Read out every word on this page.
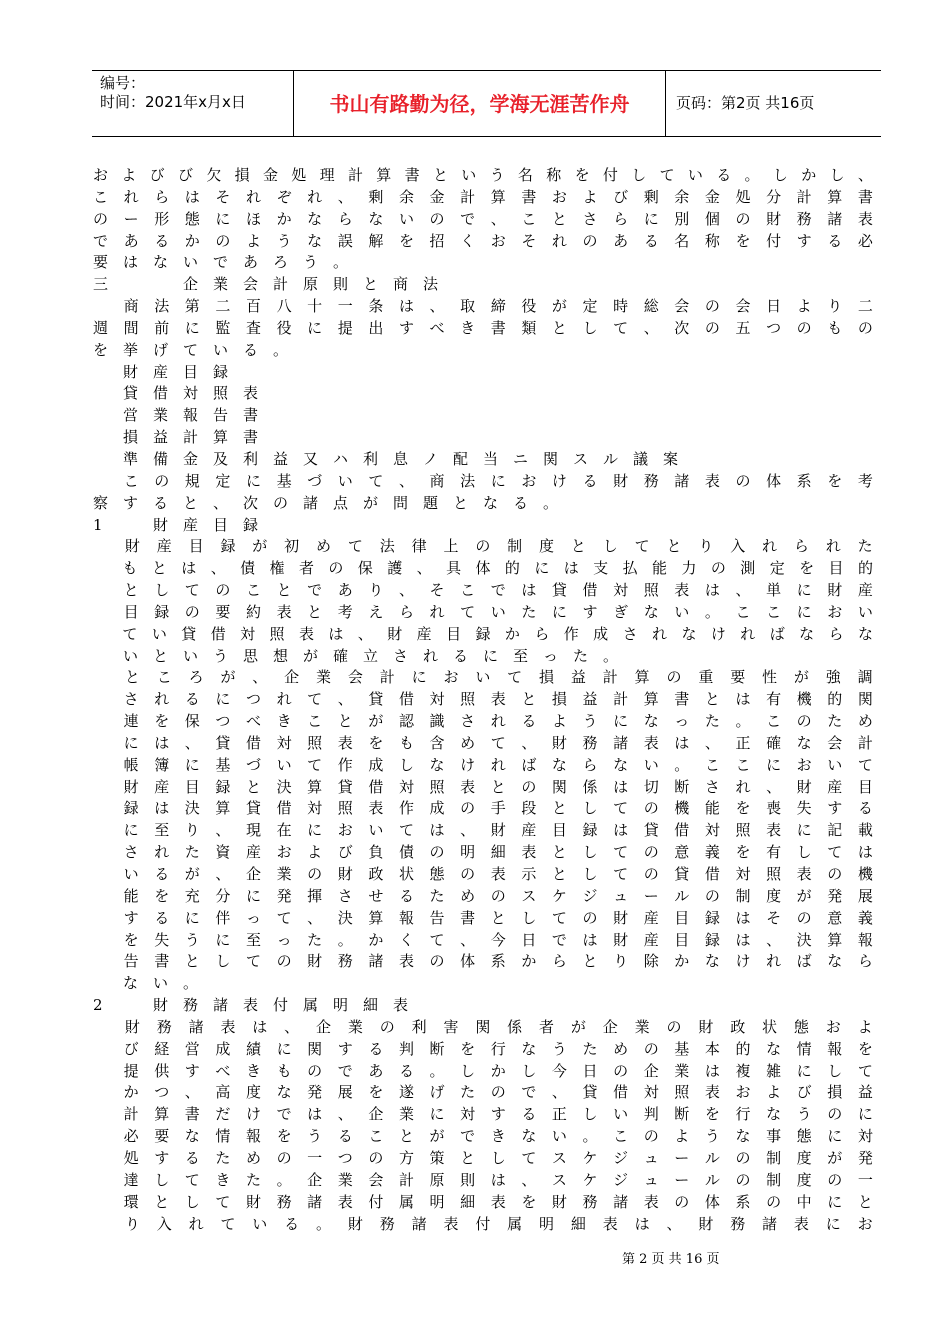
编号：
时间：2021年x月x日	书山有路勤为径，学海无涯苦作舟	页码：第2页 共16页
お よ び び 欠 損 金 処 理 計 算 書 と い う 名 称 を 付 し て い る 。 し か し 、
こ れ ら は そ れ ぞ れ 、 剰 余 金 計 算 書 お よ び 剰 余 金 処 分 計 算 書
の ー 形 態 に ほ か な ら な い の で 、 こ と さ ら に 別 個 の 財 務 諸 表
で あ る か の よ う な 誤 解 を 招 く お そ れ の あ る 名 称 を 付 す る 必
要 は な い で あ ろ う 。
三

　	企 業 会 計 原 則 と 商 法

商 法 第 二 百 八 十 一 条 は 、 取 締 役 が 定 時 総 会 の 会 日 よ り 二
週 間 前 に 監 査 役 に 提 出 す べ き 書 類 と し て 、 次 の 五 つ の も の
を 挙 げ て い る 。

財 産 目 録

貸 借 対 照 表

営 業 報 告 書

損 益 計 算 書

準 備 金 及 利 益 又 ハ 利 息 ノ 配 当 ニ 関 ス ル 議 案

こ の 規 定 に 基 づ い て 、 商 法 に お け る 財 務 諸 表 の 体 系 を 考
察 す る と 、 次 の 諸 点 が 問 題 と な る 。
1
　	財 産 目 録

財 産 目 録 が 初 め て 法 律 上 の 制 度 と し て と り 入 れ ら れ た

も と は 、 債 権 者 の 保 護 、 具 体 的 に は 支 払 能 力 の 測 定 を 目 的

と し て の こ と で あ り 、 そ こ で は 貸 借 対 照 表 は 、 単 に 財 産

目 録 の 要 約 表 と 考 え ら れ て い た に す ぎ な い 。 こ こ に お い

て い 貸 借 対 照 表 は 、 財 産 目 録 か ら 作 成 さ れ な け れ ば な ら な

い と い う 思 想 が 確 立 さ れ る に 至 っ た 。

と こ ろ が 、 企 業 会 計 に お い て 損 益 計 算 の 重 要 性 が 強 調

さ れ る に つ れ て 、 貸 借 対 照 表 と 損 益 計 算 書 と は 有 機 的 関

連 を 保 つ べ き こ と が 認 識 さ れ る よ う に な っ た 。 こ の た め

に は 、 貸 借 対 照 表 を も 含 め て 、 財 務 諸 表 は 、 正 確 な 会 計

帳 簿 に 基 づ い て 作 成 し な け れ ば な ら な い 。 こ こ に お い て

財 産 目 録 と 決 算 貸 借 対 照 表 と の 関 係 は 切 断 さ れ 、 財 産 目

録 は 決 算 貸 借 対 照 表 作 成 の 手 段 と し て の 機 能 を 喪 失 す る

に 至 り 、 現 在 に お い て は 、 財 産 目 録 は 貸 借 対 照 表 に 記 載

さ れ た 資 産 お よ び 負 債 の 明 細 表 と し て の 意 義 を 有 し て は

い る が 、 企 業 の 財 政 状 態 の 表 示 と し て の 貸 借 対 照 表 の 機

能 を 充 分 に 発 揮 さ せ る た め の ス ケ ジ ュ ー ル の 制 度 が 発 展

す る に 伴 っ て 、 決 算 報 告 書 と し て の 財 産 目 録 は そ の 意 義

を 失 う に 至 っ た 。 か く て 、 今 日 で は 財 産 目 録 は 、 決 算 報

告 書 と し て の 財 務 諸 表 の 体 系 か ら と り 除 か な け れ ば な ら

な い 。
2
　	財 務 諸 表 付 属 明 細 表

財 務 諸 表 は 、 企 業 の 利 害 関 係 者 が 企 業 の 財 政 状 態 お よ

び 経 営 成 績 に 関 す る 判 断 を 行 な う た め の 基 本 的 な 情 報 を

提 供 す べ き も の で あ る 。 し か し 今 日 の 企 業 は 複 雑 に し て

か つ 、 高 度 な 発 展 を 遂 げ た の で 、 貸 借 対 照 表 お よ び 損 益

計 算 書 だ け で は 、 企 業 に 対 す る 正 し い 判 断 を 行 な う の に

必 要 な 情 報 を う る こ と が で き な い 。 こ の よ う な 事 態 に 対

処 す る た め の 一 つ の 方 策 と し て ス ケ ジ ュ ー ル の 制 度 が 発

達 し て き た 。 企 業 会 計 原 則 は 、 ス ケ ジ ュ ー ル の 制 度 の 一

環 と し て 財 務 諸 表 付 属 明 細 表 を 財 務 諸 表 の 体 系 の 中 に と

り 入 れ て い る 。 財 務 諸 表 付 属 明 細 表 は 、 財 務 諸 表 に お
第 2 页 共 16 页
